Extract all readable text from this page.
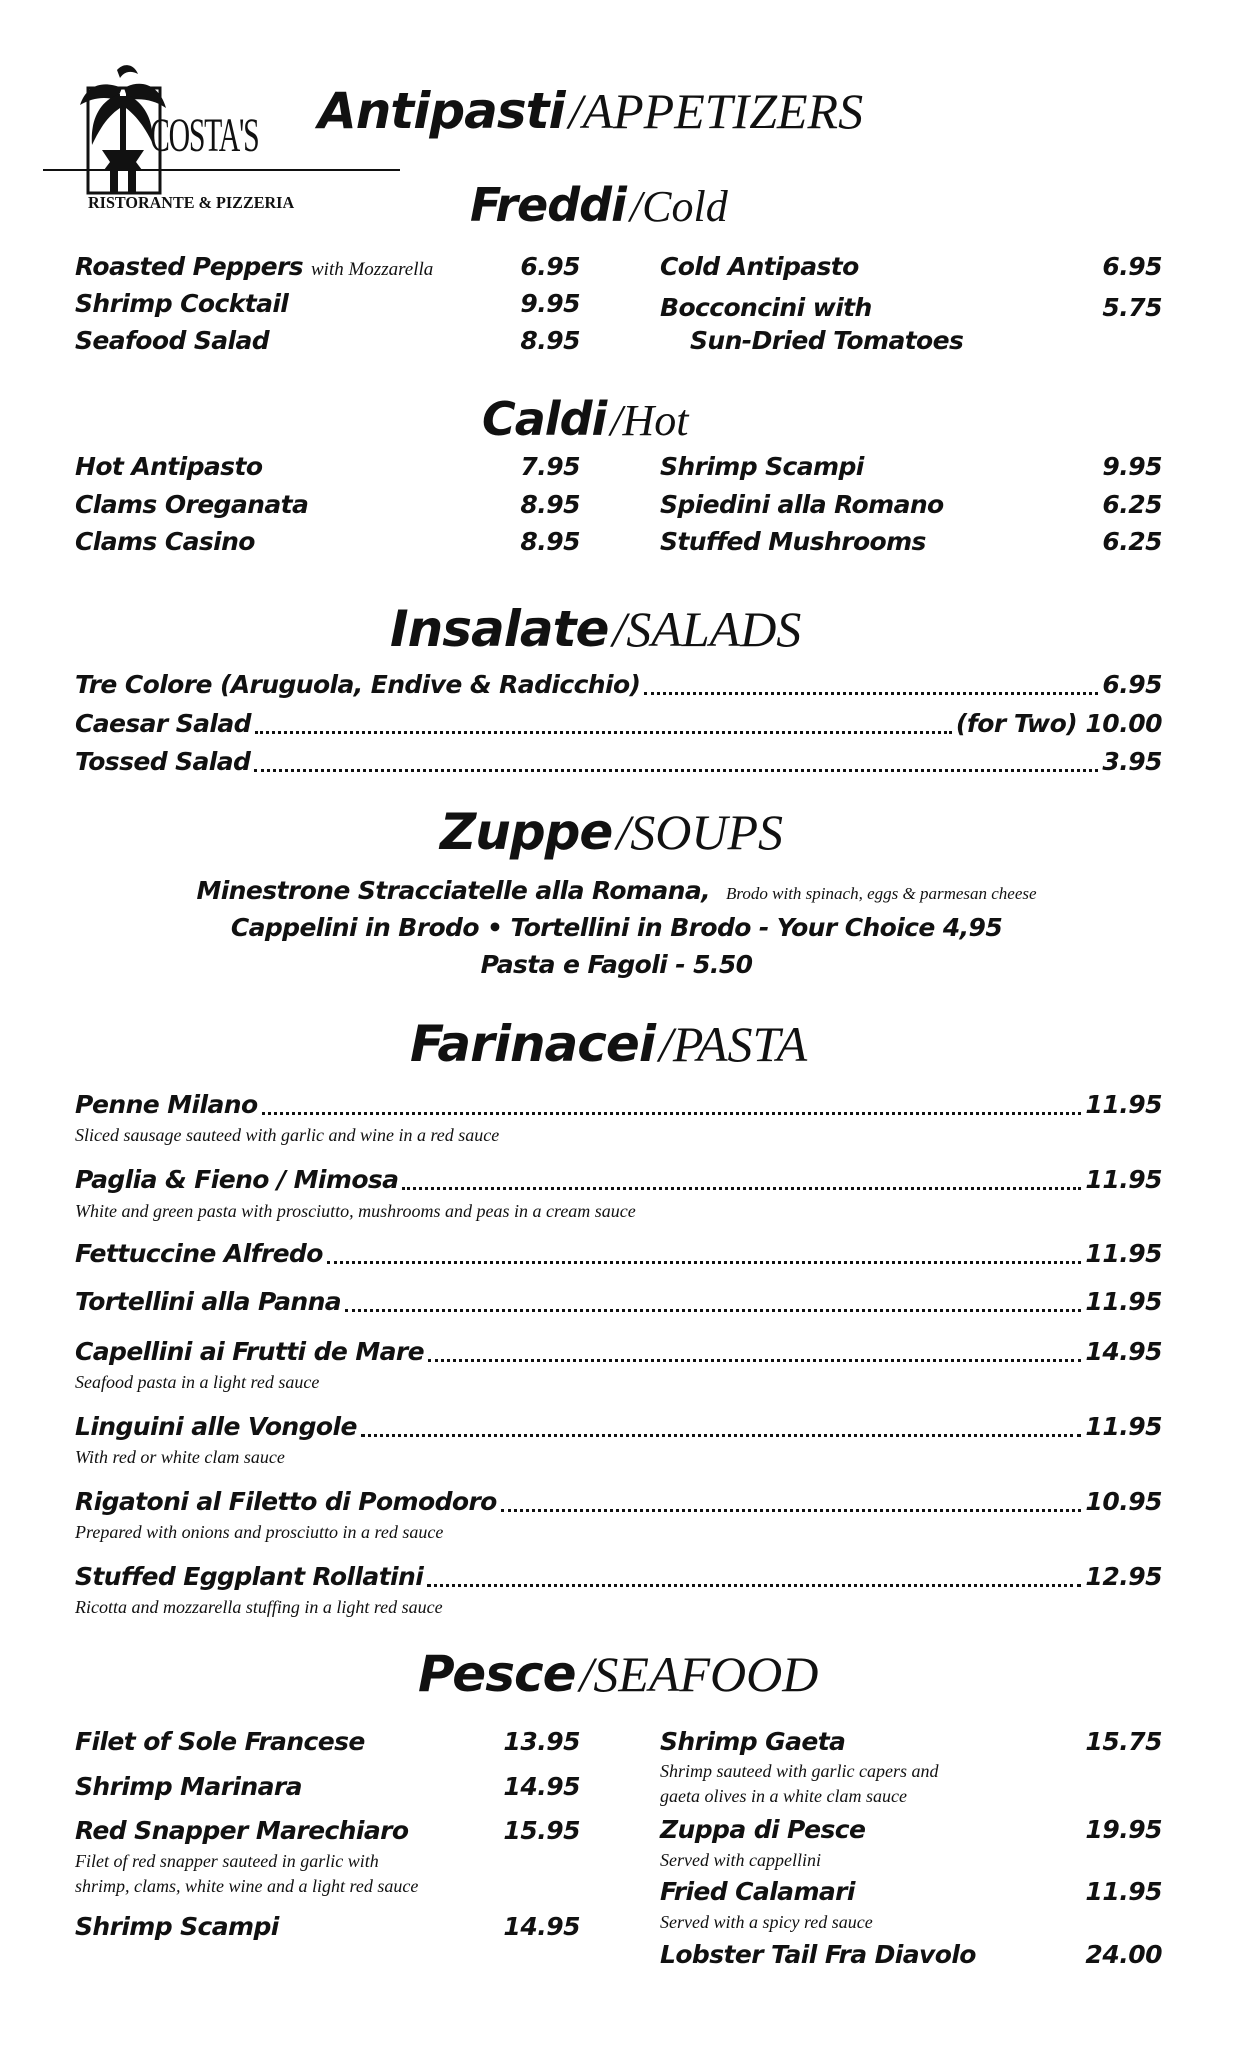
COSTA'S
RISTORANTE & PIZZERIA
Antipasti /APPETIZERS
Freddi /Cold
Roasted Peppers with Mozzarella	6.95
Shrimp Cocktail	9.95
Seafood Salad	8.95
Cold Antipasto	6.95
Bocconcini with	5.75
Sun-Dried Tomatoes
Caldi /Hot
Hot Antipasto	7.95
Clams Oreganata	8.95
Clams Casino	8.95
Shrimp Scampi	9.95
Spiedini alla Romano	6.25
Stuffed Mushrooms	6.25
Insalate /SALADS
Tre Colore (Aruguola, Endive & Radicchio)	6.95
Caesar Salad	(for Two) 10.00
Tossed Salad	3.95
Zuppe /SOUPS
Minestrone Stracciatelle alla Romana, Brodo with spinach, eggs & parmesan cheese
Cappelini in Brodo • Tortellini in Brodo - Your Choice 4,95
Pasta e Fagoli - 5.50
Farinacei /PASTA
Penne Milano	11.95
Sliced sausage sauteed with garlic and wine in a red sauce
Paglia & Fieno / Mimosa	11.95
White and green pasta with prosciutto, mushrooms and peas in a cream sauce
Fettuccine Alfredo	11.95
Tortellini alla Panna	11.95
Capellini ai Frutti de Mare	14.95
Seafood pasta in a light red sauce
Linguini alle Vongole	11.95
With red or white clam sauce
Rigatoni al Filetto di Pomodoro	10.95
Prepared with onions and prosciutto in a red sauce
Stuffed Eggplant Rollatini	12.95
Ricotta and mozzarella stuffing in a light red sauce
Pesce /SEAFOOD
Filet of Sole Francese	13.95
Shrimp Marinara	14.95
Red Snapper Marechiaro	15.95
Filet of red snapper sauteed in garlic with
shrimp, clams, white wine and a light red sauce
Shrimp Scampi	14.95
Shrimp Gaeta	15.75
Shrimp sauteed with garlic capers and
gaeta olives in a white clam sauce
Zuppa di Pesce	19.95
Served with cappellini
Fried Calamari	11.95
Served with a spicy red sauce
Lobster Tail Fra Diavolo	24.00
